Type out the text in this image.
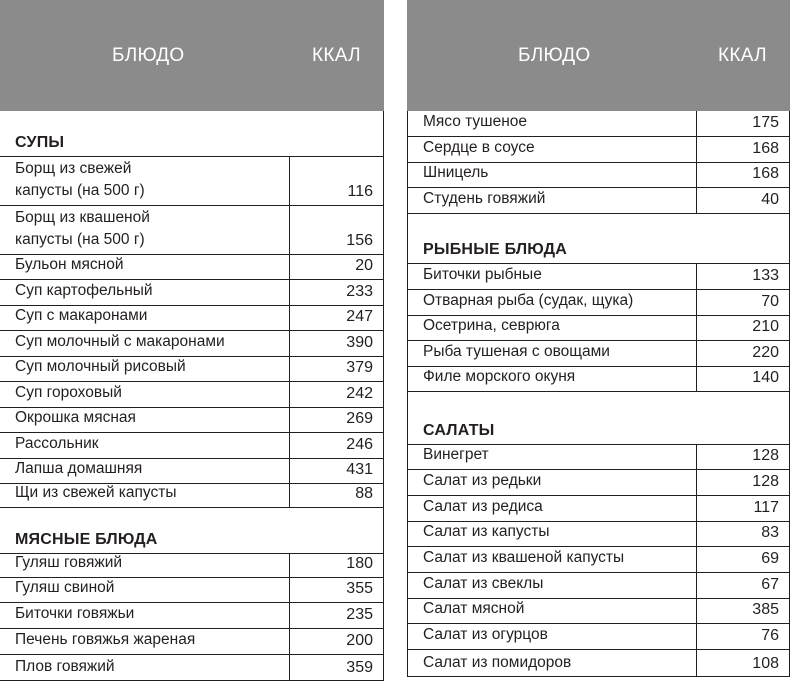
БЛЮДО	ККАЛ
СУПЫ
Борщ из свежей
капусты (на 500 г)	116
Борщ из квашеной
капусты (на 500 г)	156
Бульон мясной	20
Суп картофельный	233
Суп с макаронами	247
Суп молочный с макаронами	390
Суп молочный рисовый	379
Суп гороховый	242
Окрошка мясная	269
Рассольник	246
Лапша домашняя	431
Щи из свежей капусты	88
МЯСНЫЕ БЛЮДА
Гуляш говяжий	180
Гуляш свиной	355
Биточки говяжьи	235
Печень говяжья жареная	200
Плов говяжий	359
БЛЮДО	ККАЛ
Мясо тушеное	175
Сердце в соусе	168
Шницель	168
Студень говяжий	40
РЫБНЫЕ БЛЮДА
Биточки рыбные	133
Отварная рыба (судак, щука)	70
Осетрина, севрюга	210
Рыба тушеная с овощами	220
Филе морского окуня	140
САЛАТЫ
Винегрет	128
Салат из редьки	128
Салат из редиса	117
Салат из капусты	83
Салат из квашеной капусты	69
Салат из свеклы	67
Салат мясной	385
Салат из огурцов	76
Салат из помидоров	108
